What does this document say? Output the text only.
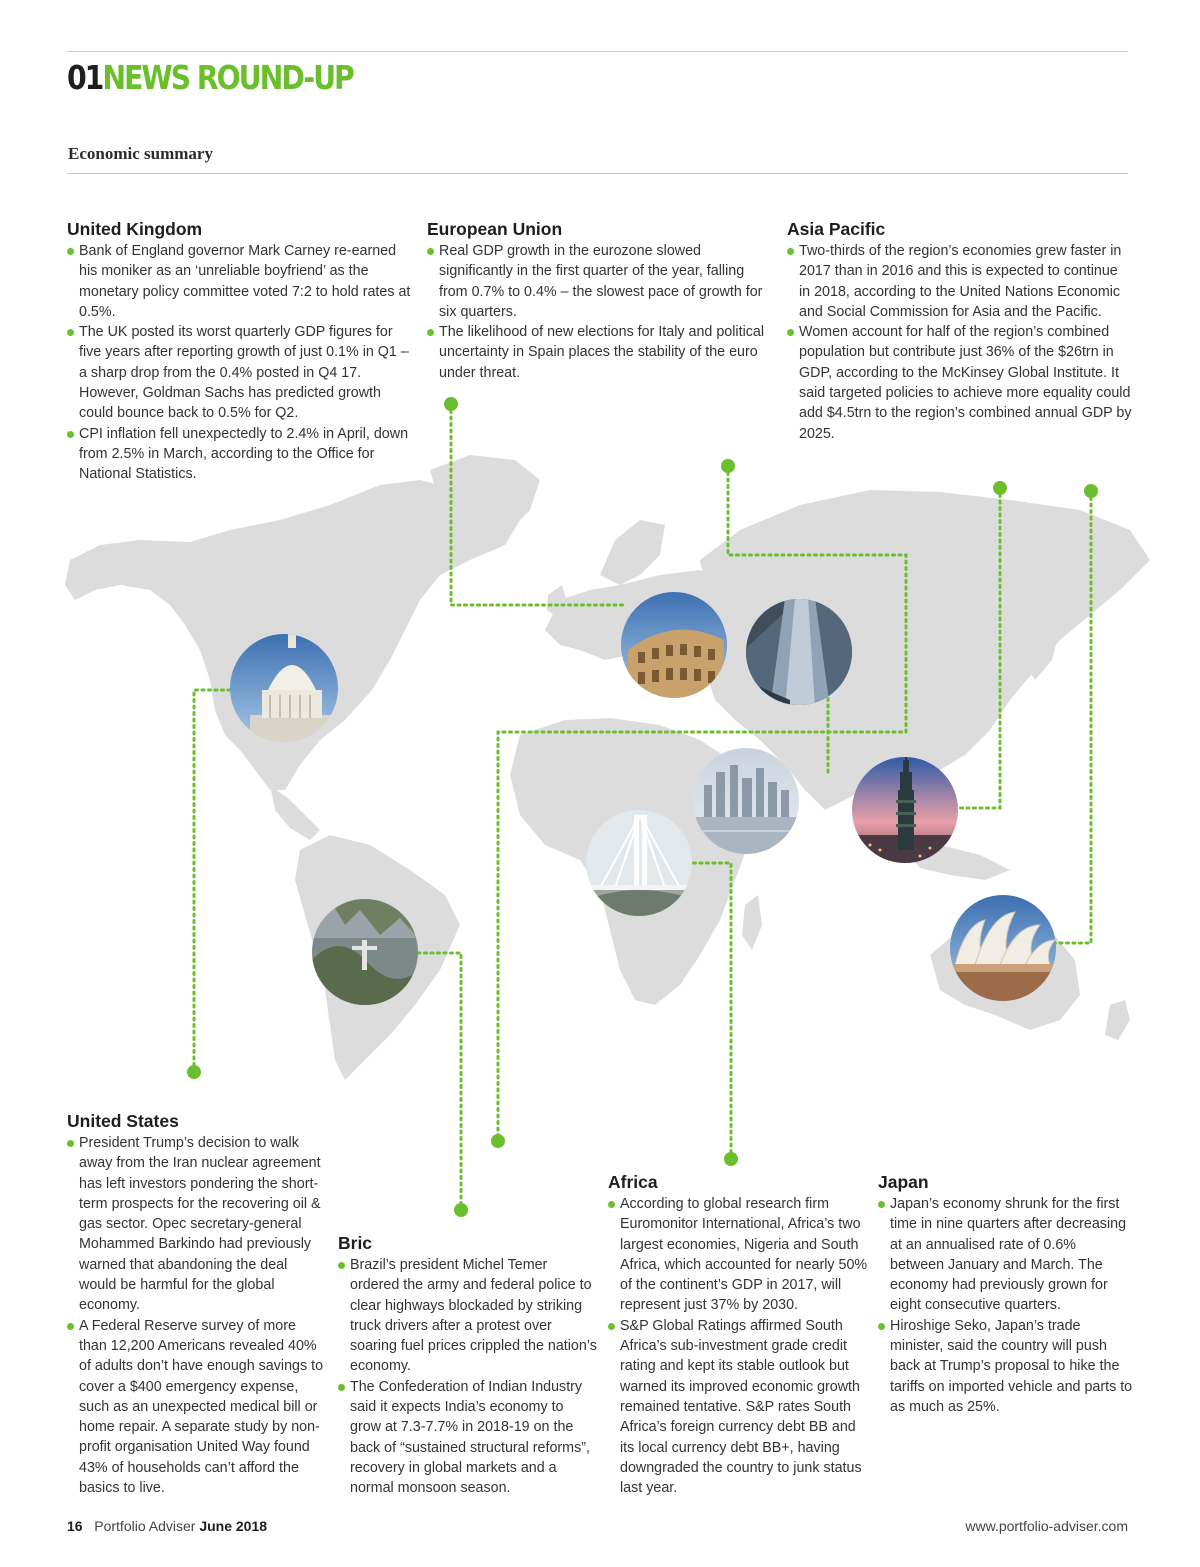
01NEWS ROUND-UP
Economic summary
United Kingdom
Bank of England governor Mark Carney re-earned his moniker as an ‘unreliable boyfriend’ as the monetary policy committee voted 7:2 to hold rates at 0.5%.
The UK posted its worst quarterly GDP figures for five years after reporting growth of just 0.1% in Q1 – a sharp drop from the 0.4% posted in Q4 17. However, Goldman Sachs has predicted growth could bounce back to 0.5% for Q2.
CPI inflation fell unexpectedly to 2.4% in April, down from 2.5% in March, according to the Office for National Statistics.
European Union
Real GDP growth in the eurozone slowed significantly in the first quarter of the year, falling from 0.7% to 0.4% – the slowest pace of growth for six quarters.
The likelihood of new elections for Italy and political uncertainty in Spain places the stability of the euro under threat.
Asia Pacific
Two-thirds of the region’s economies grew faster in 2017 than in 2016 and this is expected to continue in 2018, according to the United Nations Economic and Social Commission for Asia and the Pacific.
Women account for half of the region’s combined population but contribute just 36% of the $26trn in GDP, according to the McKinsey Global Institute. It said targeted policies to achieve more equality could add $4.5trn to the region’s combined annual GDP by 2025.
United States
President Trump’s decision to walk away from the Iran nuclear agreement has left investors pondering the short-term prospects for the recovering oil & gas sector. Opec secretary-general Mohammed Barkindo had previously warned that abandoning the deal would be harmful for the global economy.
A Federal Reserve survey of more than 12,200 Americans revealed 40% of adults don’t have enough savings to cover a $400 emergency expense, such as an unexpected medical bill or home repair. A separate study by non-profit organisation United Way found 43% of households can’t afford the basics to live.
Bric
Brazil’s president Michel Temer ordered the army and federal police to clear highways blockaded by striking truck drivers after a protest over soaring fuel prices crippled the nation’s economy.
The Confederation of Indian Industry said it expects India’s economy to grow at 7.3-7.7% in 2018-19 on the back of “sustained structural reforms”, recovery in global markets and a normal monsoon season.
Africa
According to global research firm Euromonitor International, Africa’s two largest economies, Nigeria and South Africa, which accounted for nearly 50% of the continent’s GDP in 2017, will represent just 37% by 2030.
S&P Global Ratings affirmed South Africa’s sub-investment grade credit rating and kept its stable outlook but warned its improved economic growth remained tentative. S&P rates South Africa’s foreign currency debt BB and its local currency debt BB+, having downgraded the country to junk status last year.
Japan
Japan’s economy shrunk for the first time in nine quarters after decreasing at an annualised rate of 0.6% between January and March. The economy had previously grown for eight consecutive quarters.
Hiroshige Seko, Japan’s trade minister, said the country will push back at Trump’s proposal to hike the tariffs on imported vehicle and parts to as much as 25%.
16 Portfolio Adviser June 2018	www.portfolio-adviser.com
